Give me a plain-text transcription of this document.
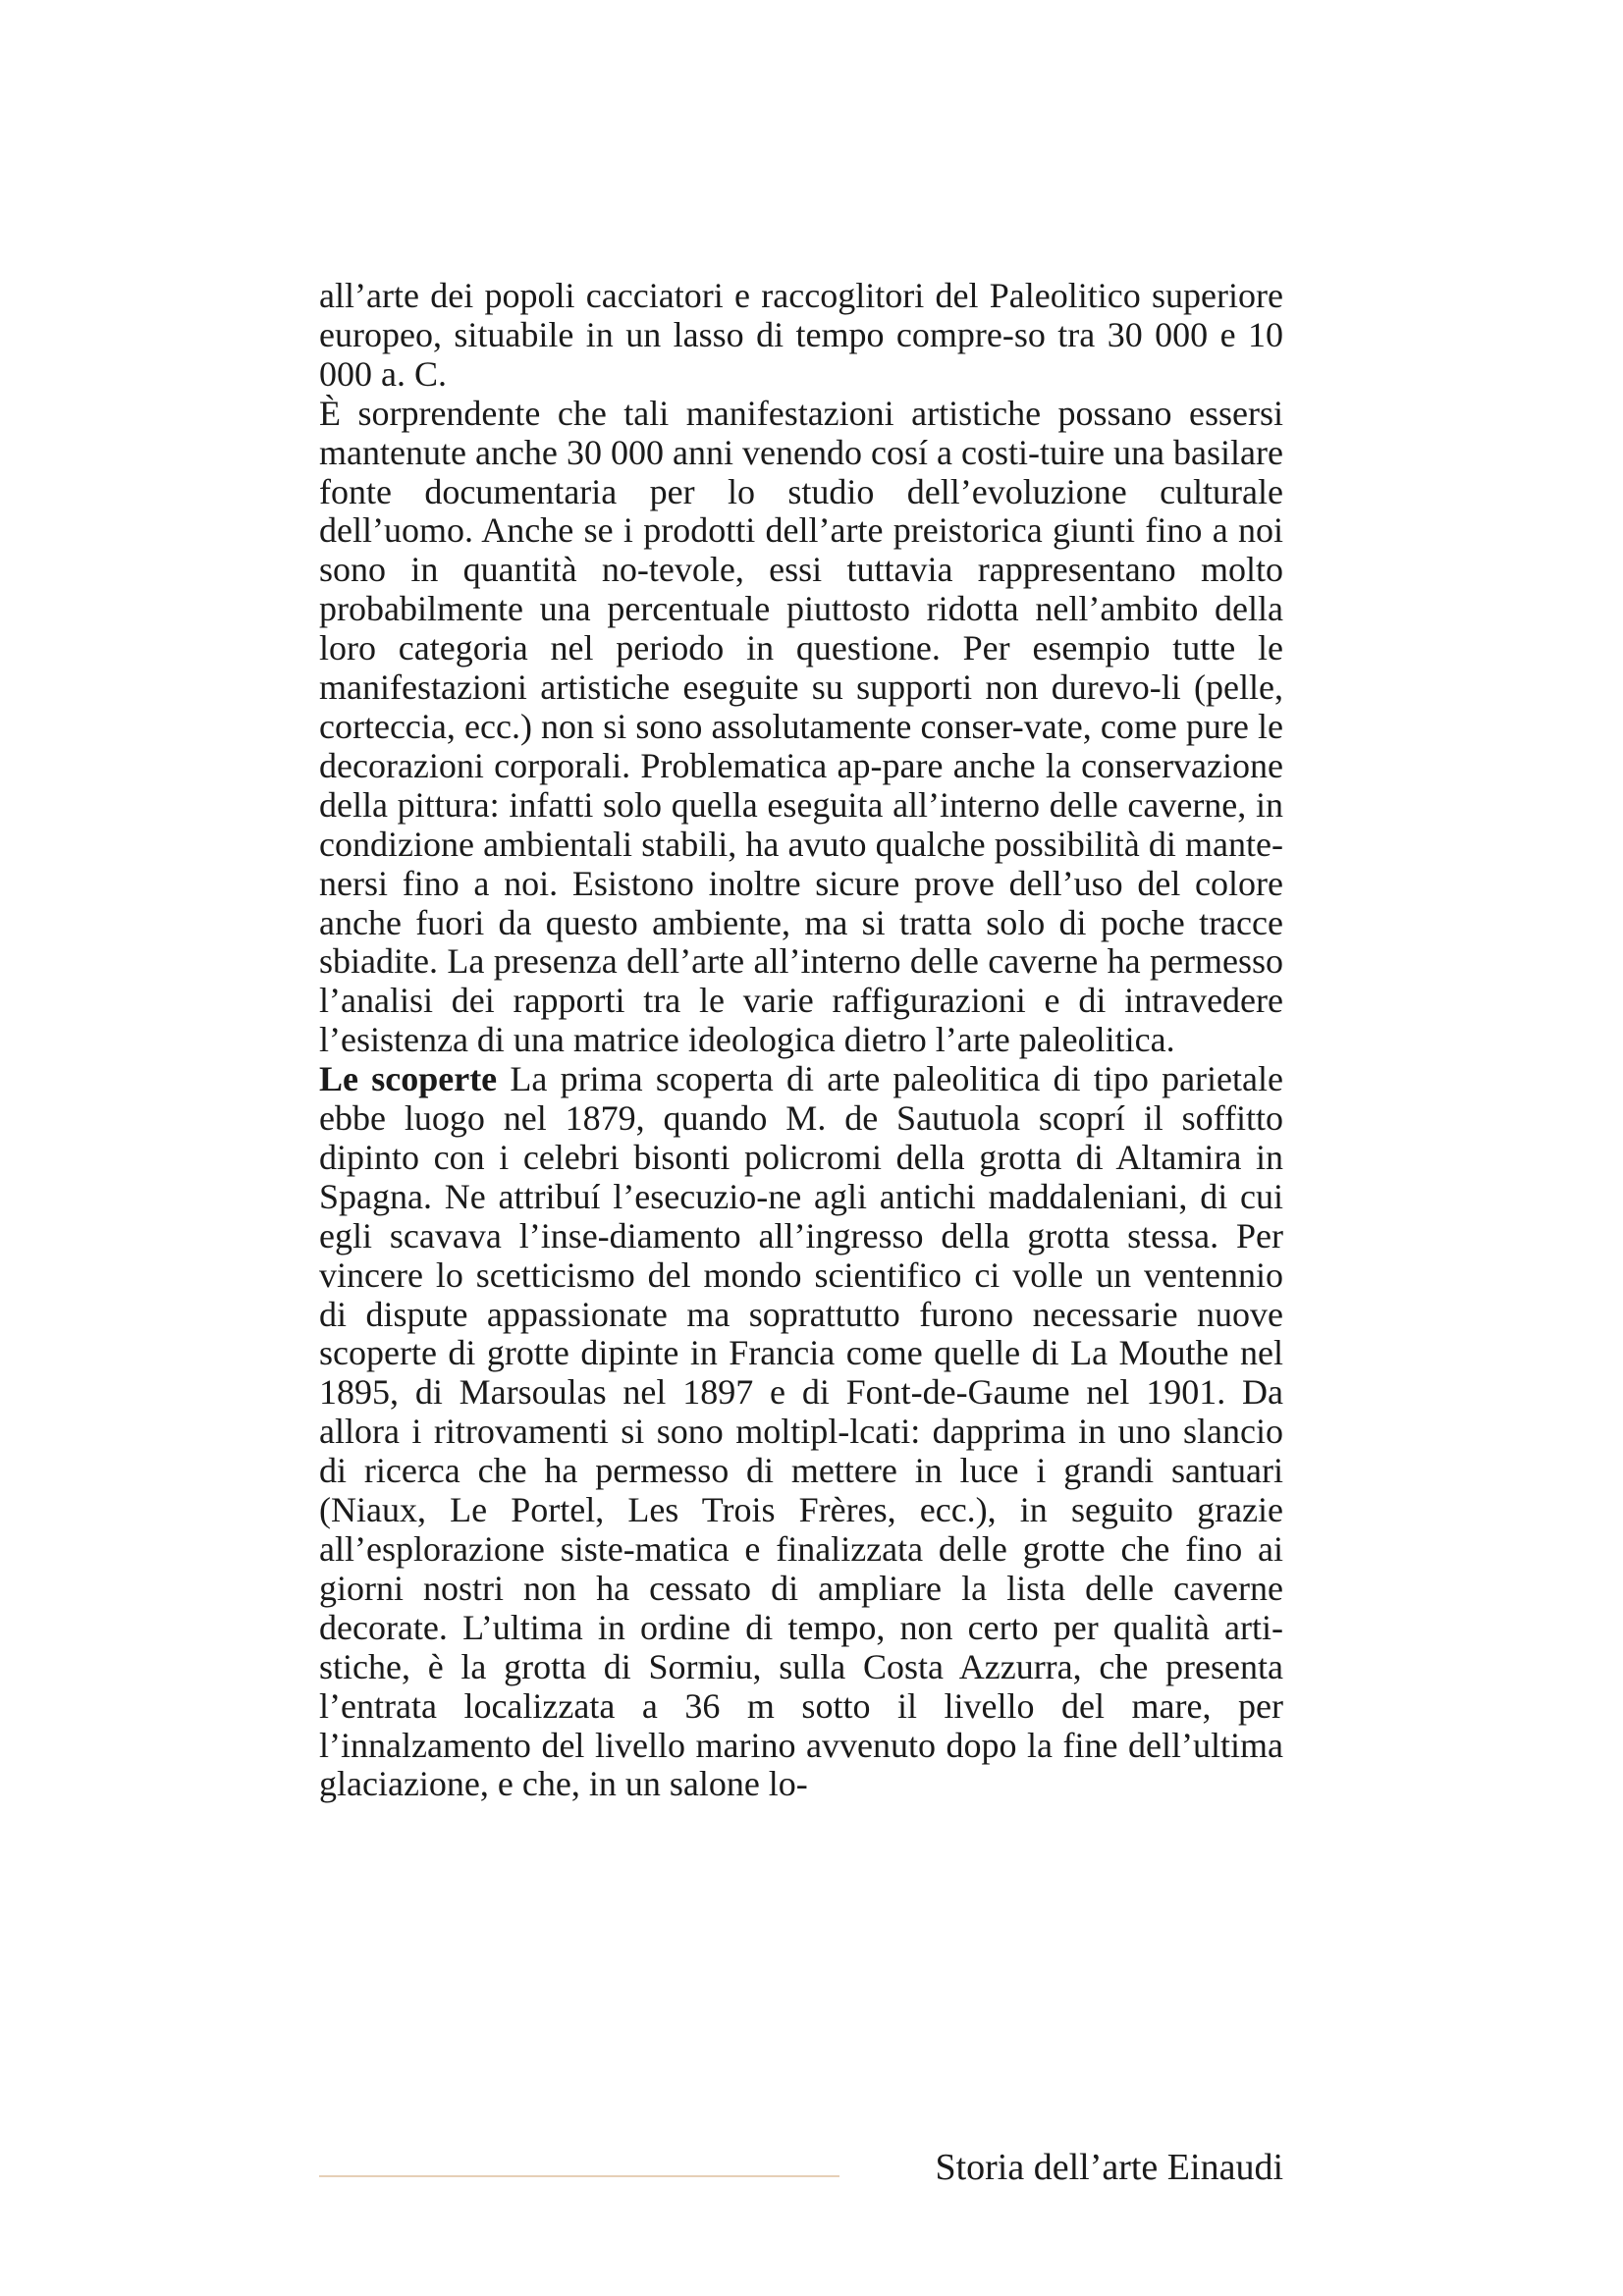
all’arte dei popoli cacciatori e raccoglitori del Paleolitico superiore europeo, situabile in un lasso di tempo compre-so tra 30 000 e 10 000 a. C.

È sorprendente che tali manifestazioni artistiche possano essersi mantenute anche 30 000 anni venendo cosí a costi-tuire una basilare fonte documentaria per lo studio dell’evoluzione culturale dell’uomo. Anche se i prodotti dell’arte preistorica giunti fino a noi sono in quantità no-tevole, essi tuttavia rappresentano molto probabilmente una percentuale piuttosto ridotta nell’ambito della loro categoria nel periodo in questione. Per esempio tutte le manifestazioni artistiche eseguite su supporti non durevo-li (pelle, corteccia, ecc.) non si sono assolutamente conser-vate, come pure le decorazioni corporali. Problematica ap-pare anche la conservazione della pittura: infatti solo quella eseguita all’interno delle caverne, in condizione ambientali stabili, ha avuto qualche possibilità di mante-nersi fino a noi. Esistono inoltre sicure prove dell’uso del colore anche fuori da questo ambiente, ma si tratta solo di poche tracce sbiadite. La presenza dell’arte all’interno delle caverne ha permesso l’analisi dei rapporti tra le varie raffigurazioni e di intravedere l’esistenza di una matrice ideologica dietro l’arte paleolitica.

Le scoperte La prima scoperta di arte paleolitica di tipo parietale ebbe luogo nel 1879, quando M. de Sautuola scoprí il soffitto dipinto con i celebri bisonti policromi della grotta di Altamira in Spagna. Ne attribuí l’esecuzio-ne agli antichi maddaleniani, di cui egli scavava l’inse-diamento all’ingresso della grotta stessa. Per vincere lo scetticismo del mondo scientifico ci volle un ventennio di dispute appassionate ma soprattutto furono necessarie nuove scoperte di grotte dipinte in Francia come quelle di La Mouthe nel 1895, di Marsoulas nel 1897 e di Font-de-Gaume nel 1901. Da allora i ritrovamenti si sono moltipl-lcati: dapprima in uno slancio di ricerca che ha permesso di mettere in luce i grandi santuari (Niaux, Le Portel, Les Trois Frères, ecc.), in seguito grazie all’esplorazione siste-matica e finalizzata delle grotte che fino ai giorni nostri non ha cessato di ampliare la lista delle caverne decorate. L’ultima in ordine di tempo, non certo per qualità arti-stiche, è la grotta di Sormiu, sulla Costa Azzurra, che presenta l’entrata localizzata a 36 m sotto il livello del mare, per l’innalzamento del livello marino avvenuto dopo la fine dell’ultima glaciazione, e che, in un salone lo-

Storia dell’arte Einaudi
